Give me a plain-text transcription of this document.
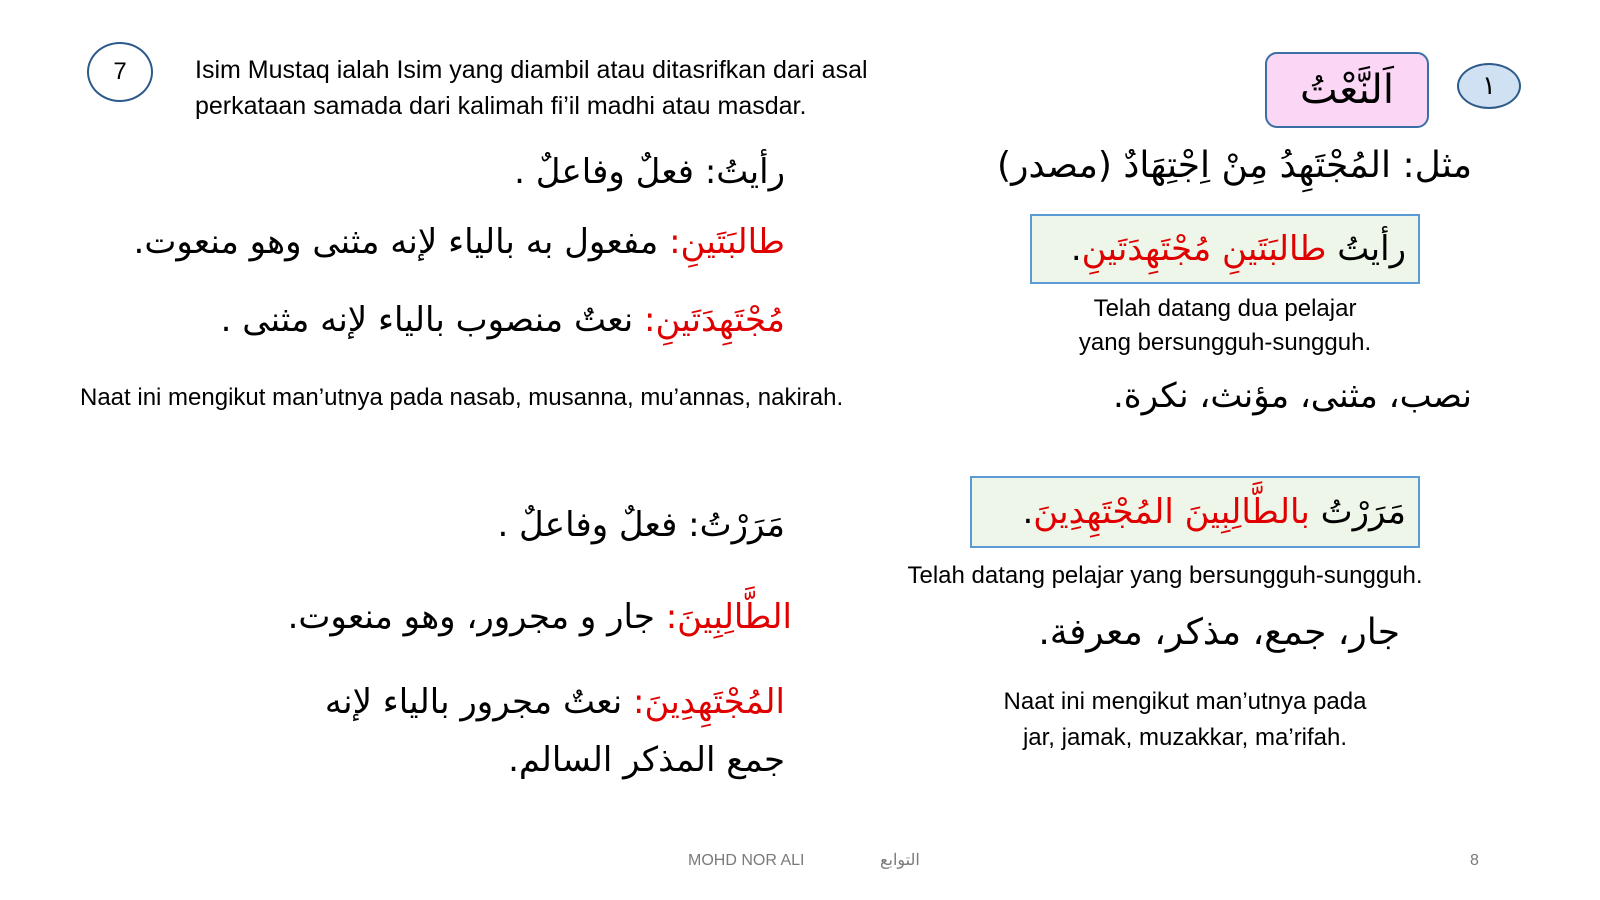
7	Isim Mustaq ialah Isim yang diambil atau ditasrifkan dari asal
perkataan samada dari kalimah fi’il madhi atau masdar.	اَلنَّعْتُ	١
مثل: المُجْتَهِدُ مِنْ اِجْتِهَادٌ (مصدر)
رأيتُ طالبَتَينِ مُجْتَهِدَتَينِ.
Telah datang dua pelajar
yang bersungguh-sungguh.
نصب، مثنى، مؤنث، نكرة.
رأيتُ: فعلٌ وفاعلٌ .
طالبَتَينِ: مفعول به بالياء لإنه مثنى وهو منعوت.
مُجْتَهِدَتَينِ: نعتٌ منصوب بالياء لإنه مثنى .
Naat ini mengikut man’utnya pada nasab, musanna, mu’annas, nakirah.
مَرَرْتُ بالطَّالِبِينَ المُجْتَهِدِينَ.
Telah datang pelajar yang bersungguh-sungguh.
جار، جمع، مذكر، معرفة.
Naat ini mengikut man’utnya pada
jar, jamak, muzakkar, ma’rifah.
مَرَرْتُ: فعلٌ وفاعلٌ .
الطَّالِبِينَ: جار و مجرور، وهو منعوت.
المُجْتَهِدِينَ: نعتٌ مجرور بالياء لإنه
جمع المذكر السالم.
MOHD NOR ALI	التوابع	8
